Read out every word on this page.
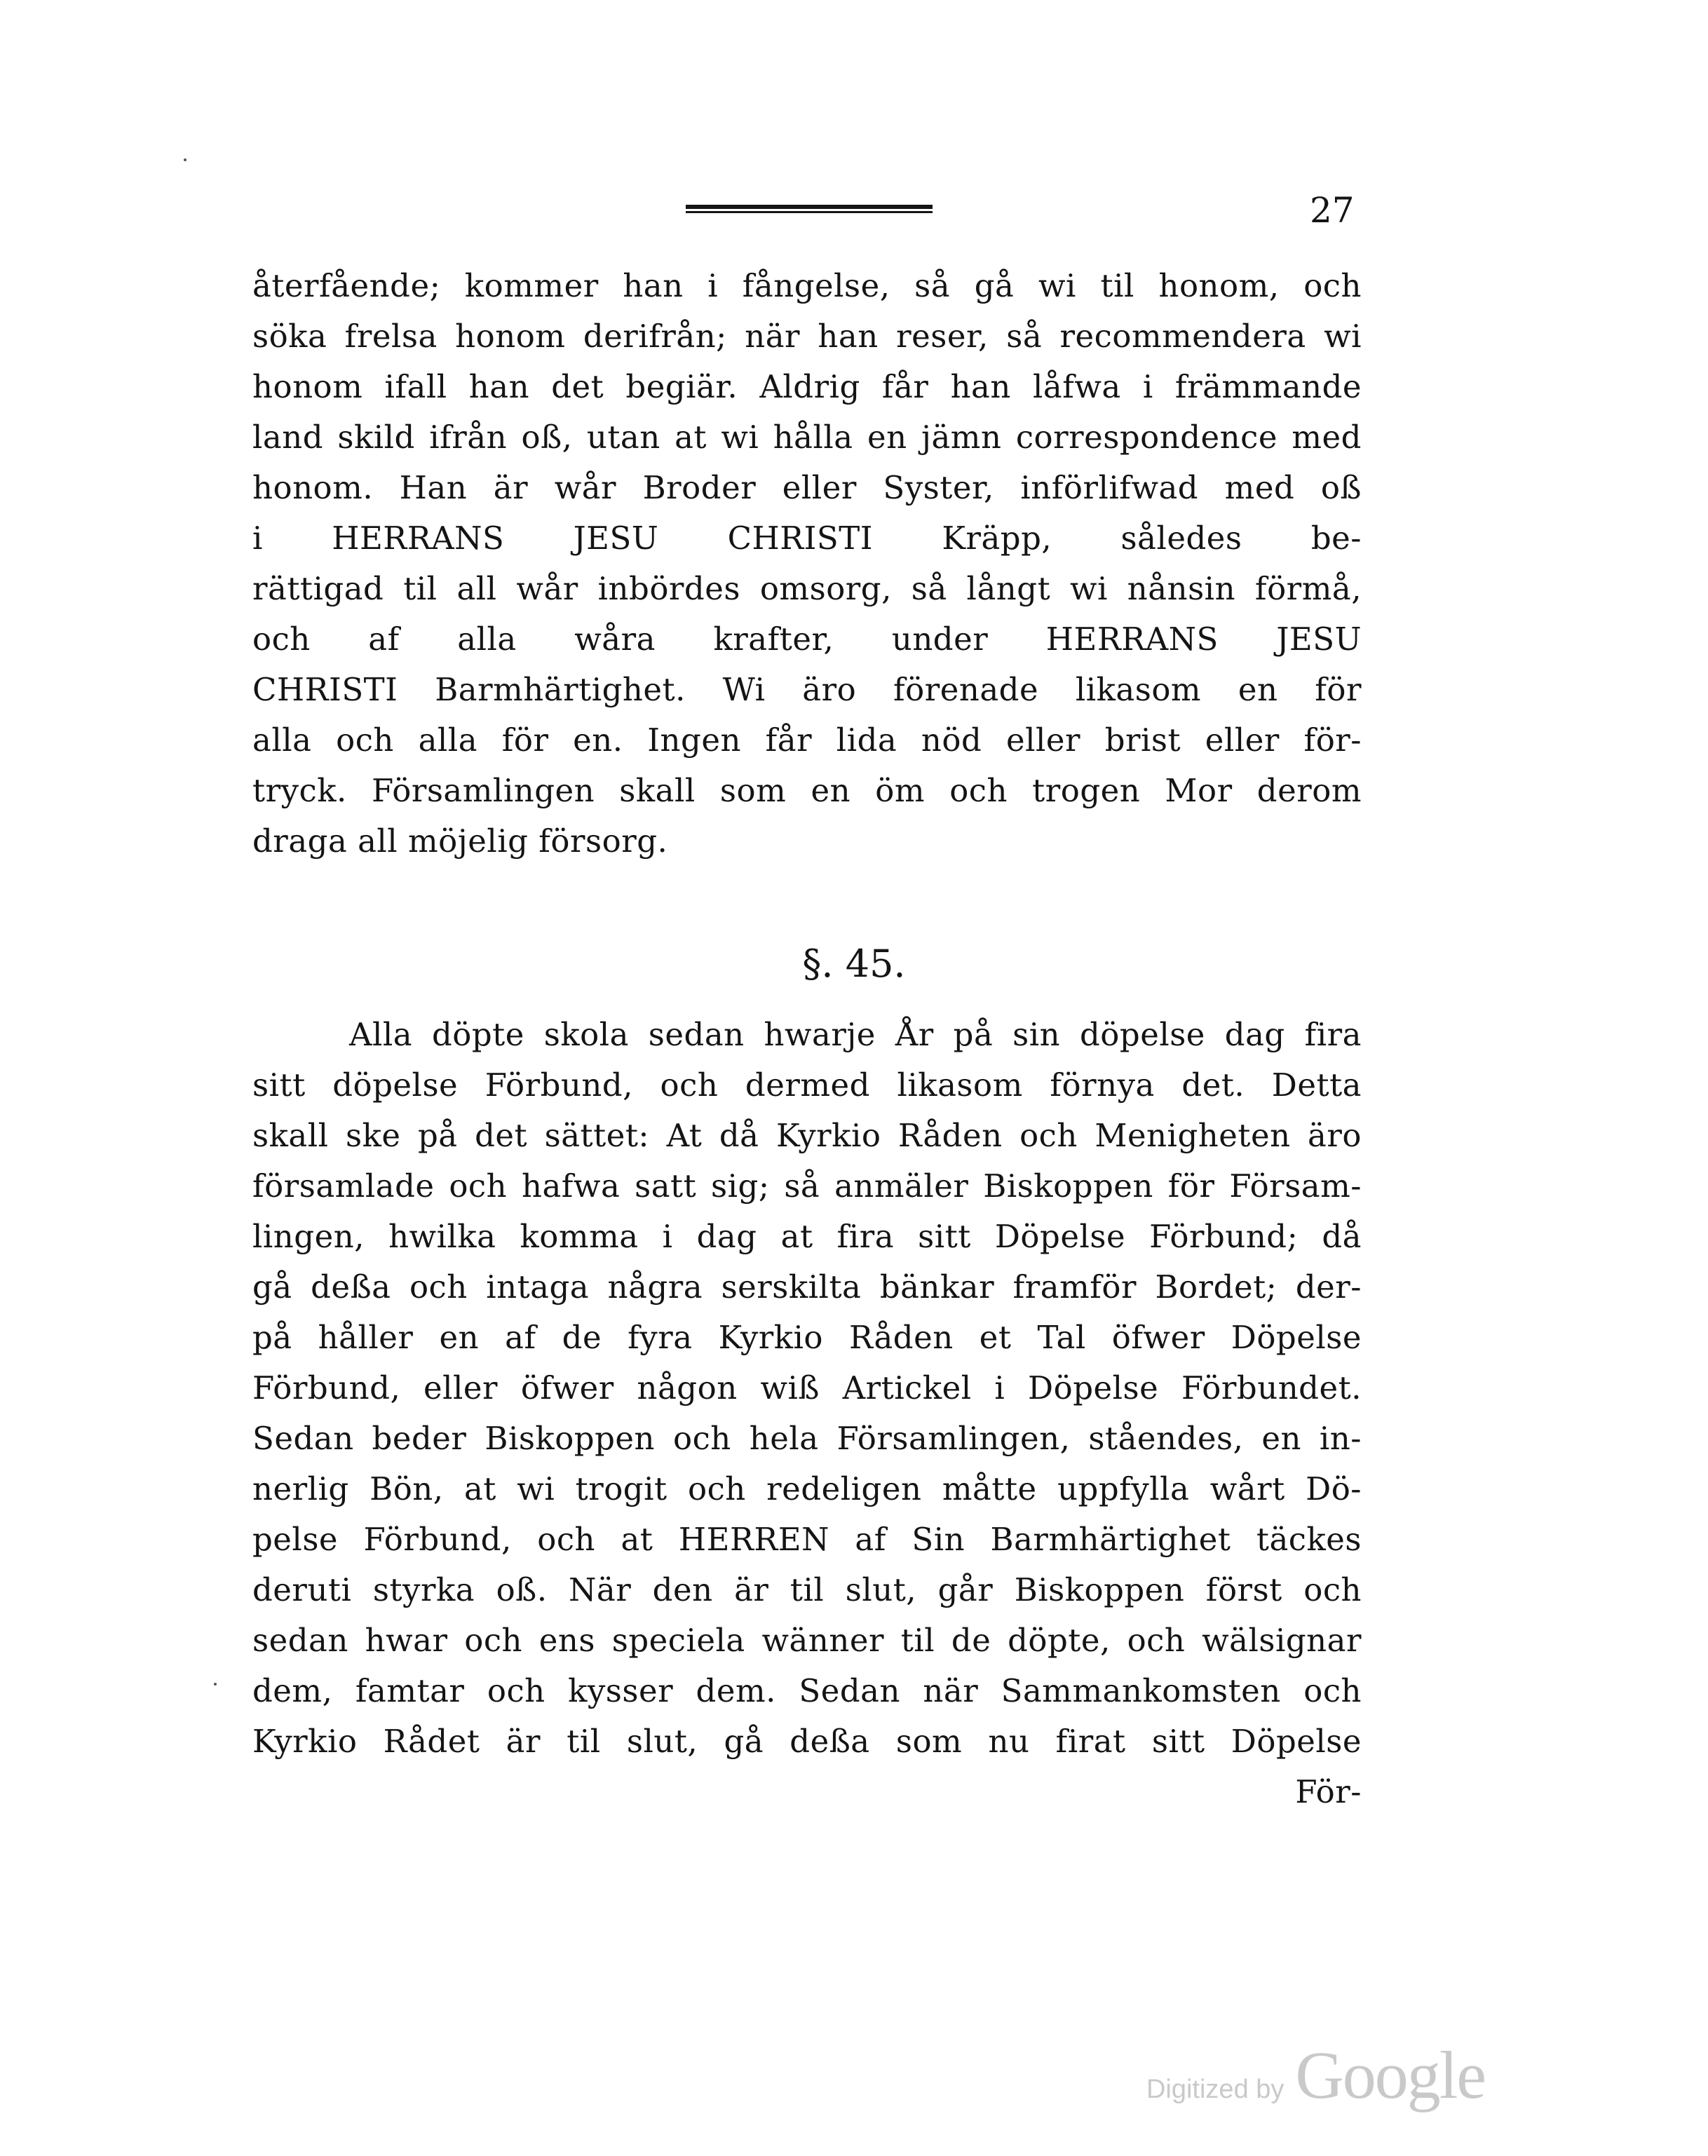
27
återfående; kommer han i fångelse, så gå wi til honom, och
söka frelsa honom derifrån; när han reser, så recommendera wi
honom ifall han det begiär. Aldrig får han låfwa i främmande
land skild ifrån oß, utan at wi hålla en jämn correspondence med
honom. Han är wår Broder eller Syster, införlifwad med oß
i HERRANS JESU CHRISTI Kräpp, således be-
rättigad til all wår inbördes omsorg, så långt wi nånsin förmå,
och af alla wåra krafter, under HERRANS JESU
CHRISTI Barmhärtighet. Wi äro förenade likasom en för
alla och alla för en. Ingen får lida nöd eller brist eller för-
tryck. Församlingen skall som en öm och trogen Mor derom
draga all möjelig försorg.
§. 45.
Alla döpte skola sedan hwarje År på sin döpelse dag fira
sitt döpelse Förbund, och dermed likasom förnya det. Detta
skall ske på det sättet: At då Kyrkio Råden och Menigheten äro
församlade och hafwa satt sig; så anmäler Biskoppen för Försam-
lingen, hwilka komma i dag at fira sitt Döpelse Förbund; då
gå deßa och intaga några serskilta bänkar framför Bordet; der-
på håller en af de fyra Kyrkio Råden et Tal öfwer Döpelse
Förbund, eller öfwer någon wiß Artickel i Döpelse Förbundet.
Sedan beder Biskoppen och hela Församlingen, ståendes, en in-
nerlig Bön, at wi trogit och redeligen måtte uppfylla wårt Dö-
pelse Förbund, och at HERREN af Sin Barmhärtighet täckes
deruti styrka oß. När den är til slut, går Biskoppen först och
sedan hwar och ens speciela wänner til de döpte, och wälsignar
dem, famtar och kysser dem. Sedan när Sammankomsten och
Kyrkio Rådet är til slut, gå deßa som nu firat sitt Döpelse
För-
Digitized by Google
